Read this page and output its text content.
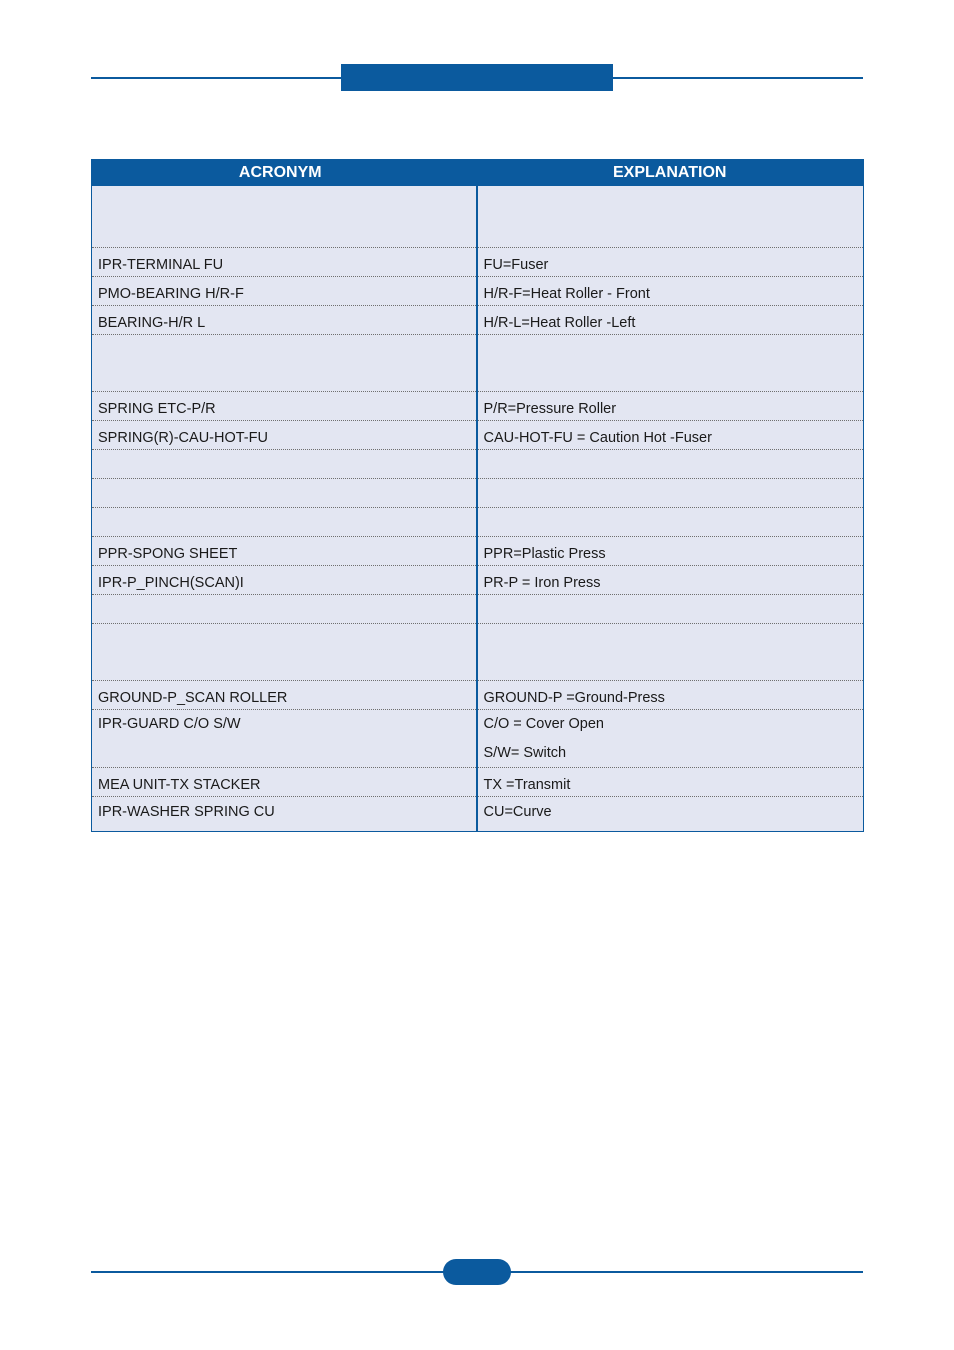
ACRONYM	EXPLANATION

IPR-TERMINAL FU	FU=Fuser
PMO-BEARING H/R-F	H/R-F=Heat Roller - Front
BEARING-H/R L	H/R-L=Heat Roller -Left

SPRING ETC-P/R	P/R=Pressure Roller
SPRING(R)-CAU-HOT-FU	CAU-HOT-FU = Caution Hot -Fuser

PPR-SPONG SHEET	PPR=Plastic Press
IPR-P_PINCH(SCAN)I	PR-P = Iron Press

GROUND-P_SCAN ROLLER	GROUND-P =Ground-Press
IPR-GUARD C/O S/W	C/O = Cover Open
S/W= Switch

MEA UNIT-TX STACKER	TX =Transmit
IPR-WASHER SPRING CU	CU=Curve
